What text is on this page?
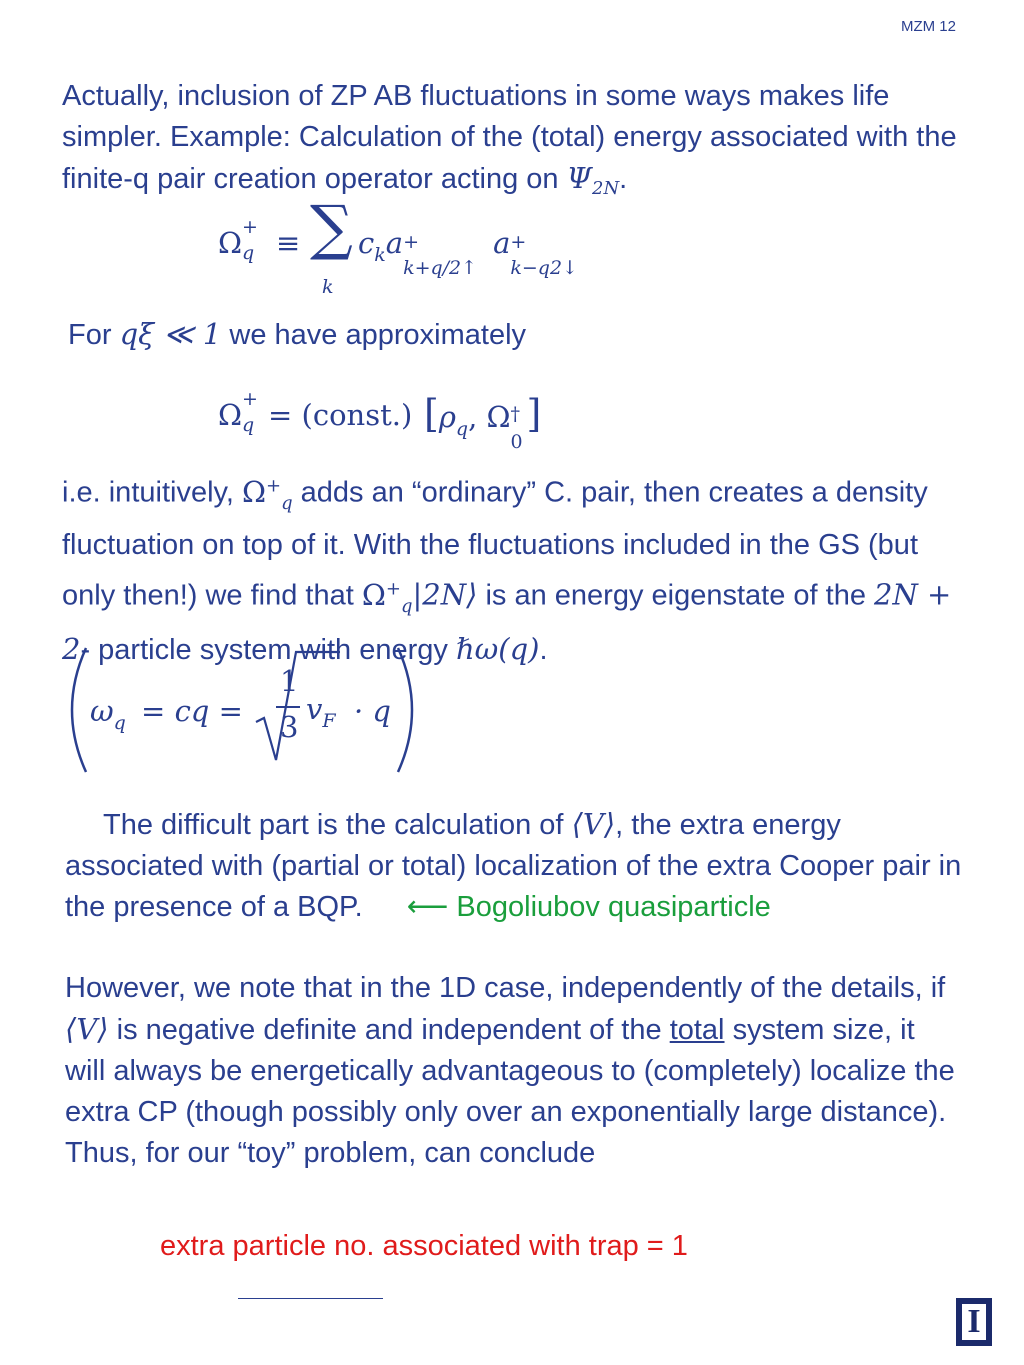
MZM 12
Actually, inclusion of ZP AB fluctuations in some ways makes life simpler. Example: Calculation of the (total) energy associated with the finite-q pair creation operator acting on $\Psi_{2N}$.
Ω +
q ≡ ∑
k
$c_ka$ +
k+q/2↑
a +
k−q2↓
For qξ ≪ 1 we have approximately
Ω +
q = (const.) [$\rho_q$, Ω †
0
]
i.e. intuitively, $\Omega^+_q$ adds an “ordinary” C. pair, then creates a density fluctuation on top of it. With the fluctuations included in the GS (but only then!) we find that $\Omega^+_q|2N⟩$ is an energy eigenstate of the 2N + 2- particle system with energy ℏω(q).
$\omega_q$ = cq =
1
3
$v_F \cdot q$
The difficult part is the calculation of ⟨V⟩, the extra energy associated with (partial or total) localization of the extra Cooper pair in the presence of a BQP. ⟵ Bogoliubov quasiparticle
However, we note that in the 1D case, independently of the details, if ⟨V⟩ is negative definite and independent of the total system size, it will always be energetically advantageous to (completely) localize the extra CP (though possibly only over an exponentially large distance). Thus, for our “toy” problem, can conclude
extra particle no. associated with trap = 1
I
